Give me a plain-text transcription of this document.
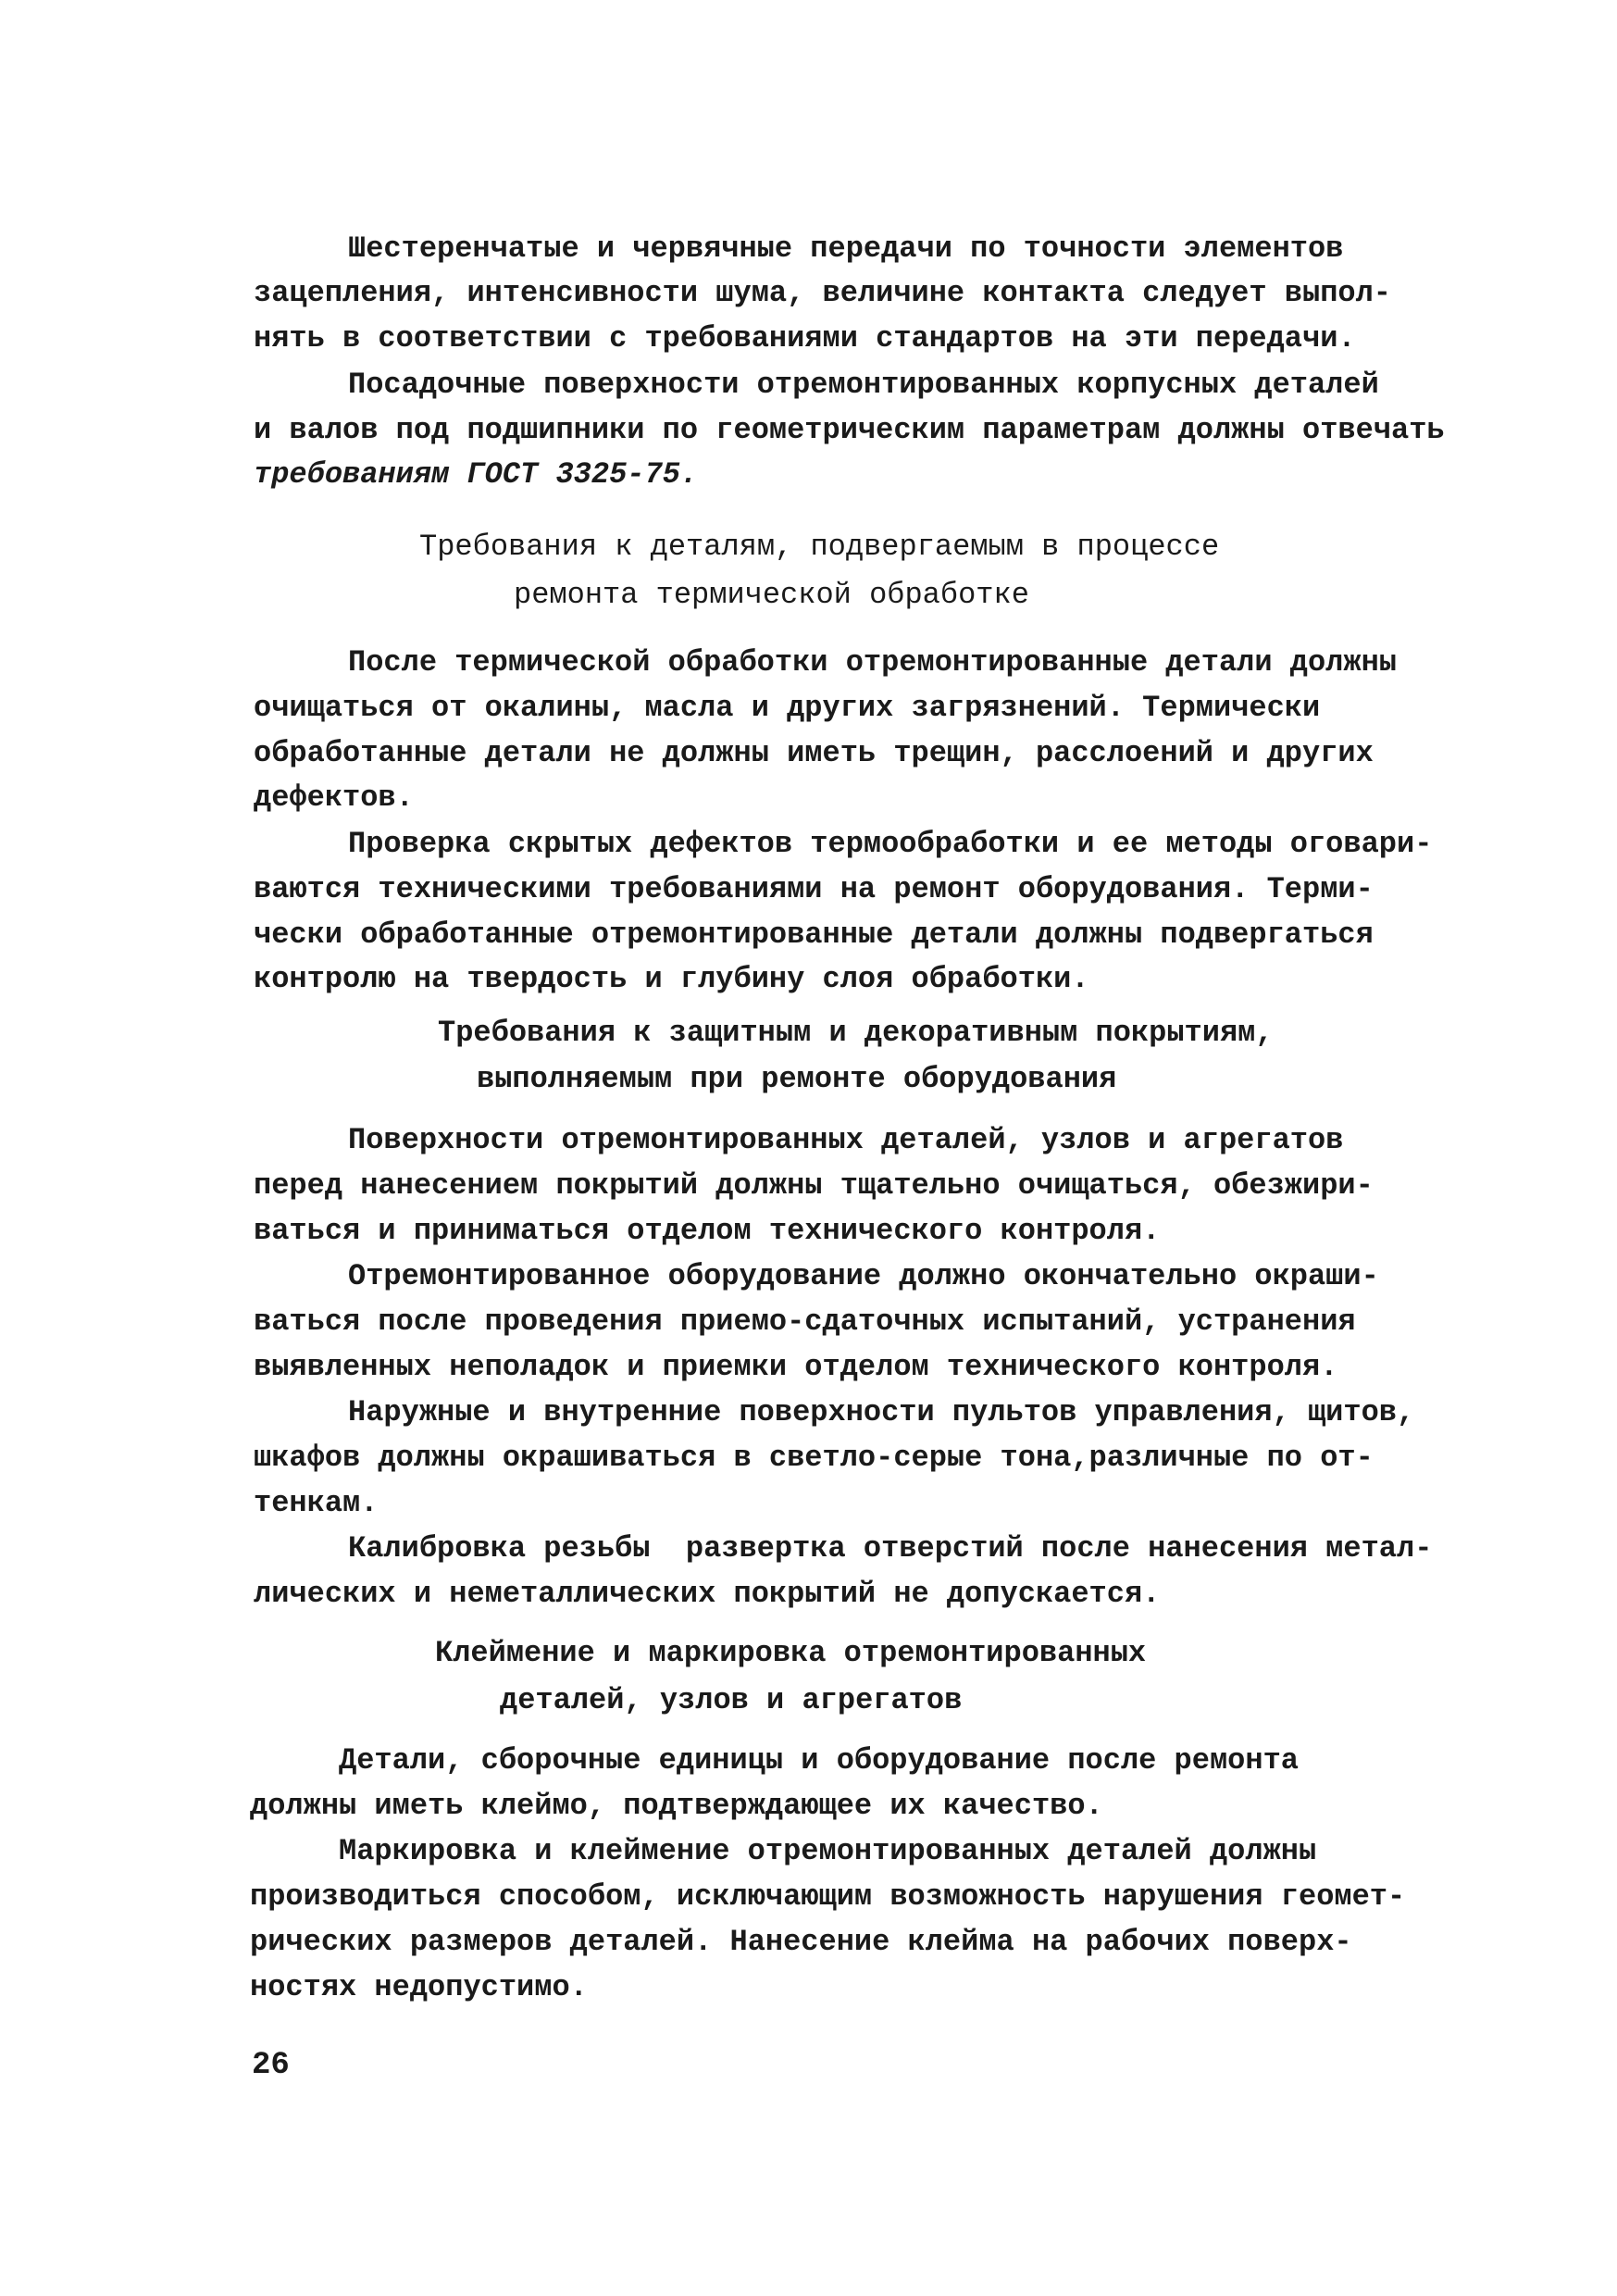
Шестеренчатые и червячные передачи по точности элементов
зацепления, интенсивности шума, величине контакта следует выпол-
нять в соответствии с требованиями стандартов на эти передачи.
Посадочные поверхности отремонтированных корпусных деталей
и валов под подшипники по геометрическим параметрам должны отвечать
требованиям ГОСТ 3325-75.
Требования к деталям, подвергаемым в процессе
ремонта термической обработке
После термической обработки отремонтированные детали должны
очищаться от окалины, масла и других загрязнений. Термически
обработанные детали не должны иметь трещин, расслоений и других
дефектов.
Проверка скрытых дефектов термообработки и ее методы оговари-
ваются техническими требованиями на ремонт оборудования. Терми-
чески обработанные отремонтированные детали должны подвергаться
контролю на твердость и глубину слоя обработки.
Требования к защитным и декоративным покрытиям,
выполняемым при ремонте оборудования
Поверхности отремонтированных деталей, узлов и агрегатов
перед нанесением покрытий должны тщательно очищаться, обезжири-
ваться и приниматься отделом технического контроля.
Отремонтированное оборудование должно окончательно окраши-
ваться после проведения приемо-сдаточных испытаний, устранения
выявленных неполадок и приемки отделом технического контроля.
Наружные и внутренние поверхности пультов управления, щитов,
шкафов должны окрашиваться в светло-серые тона,различные по от-
тенкам.
Калибровка резьбы  развертка отверстий после нанесения метал-
лических и неметаллических покрытий не допускается.
Клеймение и маркировка отремонтированных
деталей, узлов и агрегатов
Детали, сборочные единицы и оборудование после ремонта
должны иметь клеймо, подтверждающее их качество.
Маркировка и клеймение отремонтированных деталей должны
производиться способом, исключающим возможность нарушения геомет-
рических размеров деталей. Нанесение клейма на рабочих поверх-
ностях недопустимо.
26
